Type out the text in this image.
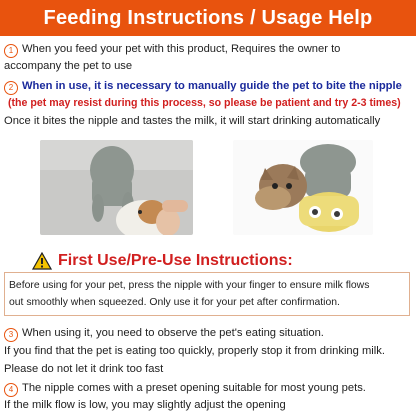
Feeding Instructions / Usage Help
1 When you feed your pet with this product, Requires the owner to
accompany the pet to use
2 When in use, it is necessary to manually guide the pet to bite the nipple
(the pet may resist during this process, so please be patient and try 2-3 times)
Once it bites the nipple and tastes the milk, it will start drinking automatically
First Use/Pre-Use Instructions:
Before using for your pet, press the nipple with your finger to ensure milk flows
out smoothly when squeezed. Only use it for your pet after confirmation.
3 When using it, you need to observe the pet's eating situation.
If you find that the pet is eating too quickly, properly stop it from drinking milk.
Please do not let it drink too fast
4 The nipple comes with a preset opening suitable for most young pets.
If the milk flow is low, you may slightly adjust the opening
